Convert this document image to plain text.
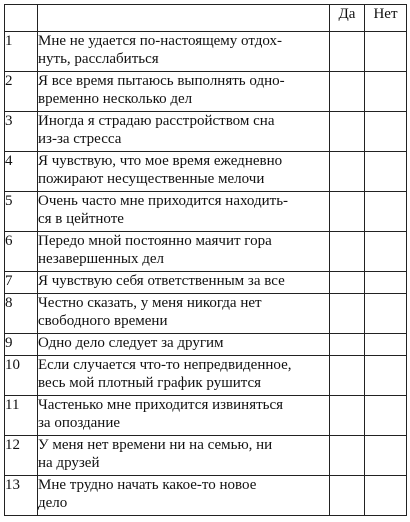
		Да	Нет
1	Мне не удается по-настоящему отдох-
нуть, расслабиться		

2	Я все время пытаюсь выполнять одно-
временно несколько дел		

3	Иногда я страдаю расстройством сна
из-за стресса		

4	Я чувствую, что мое время ежедневно
пожирают несущественные мелочи		

5	Очень часто мне приходится находить-
ся в цейтноте		

6	Передо мной постоянно маячит гора
незавершенных дел		

7	Я чувствую себя ответственным за все		

8	Честно сказать, у меня никогда нет
свободного времени		

9	Одно дело следует за другим		

10	Если случается что-то непредвиденное,
весь мой плотный график рушится		

11	Частенько мне приходится извиняться
за опоздание		

12	У меня нет времени ни на семью, ни
на друзей		

13	Мне трудно начать какое-то новое
дело		
